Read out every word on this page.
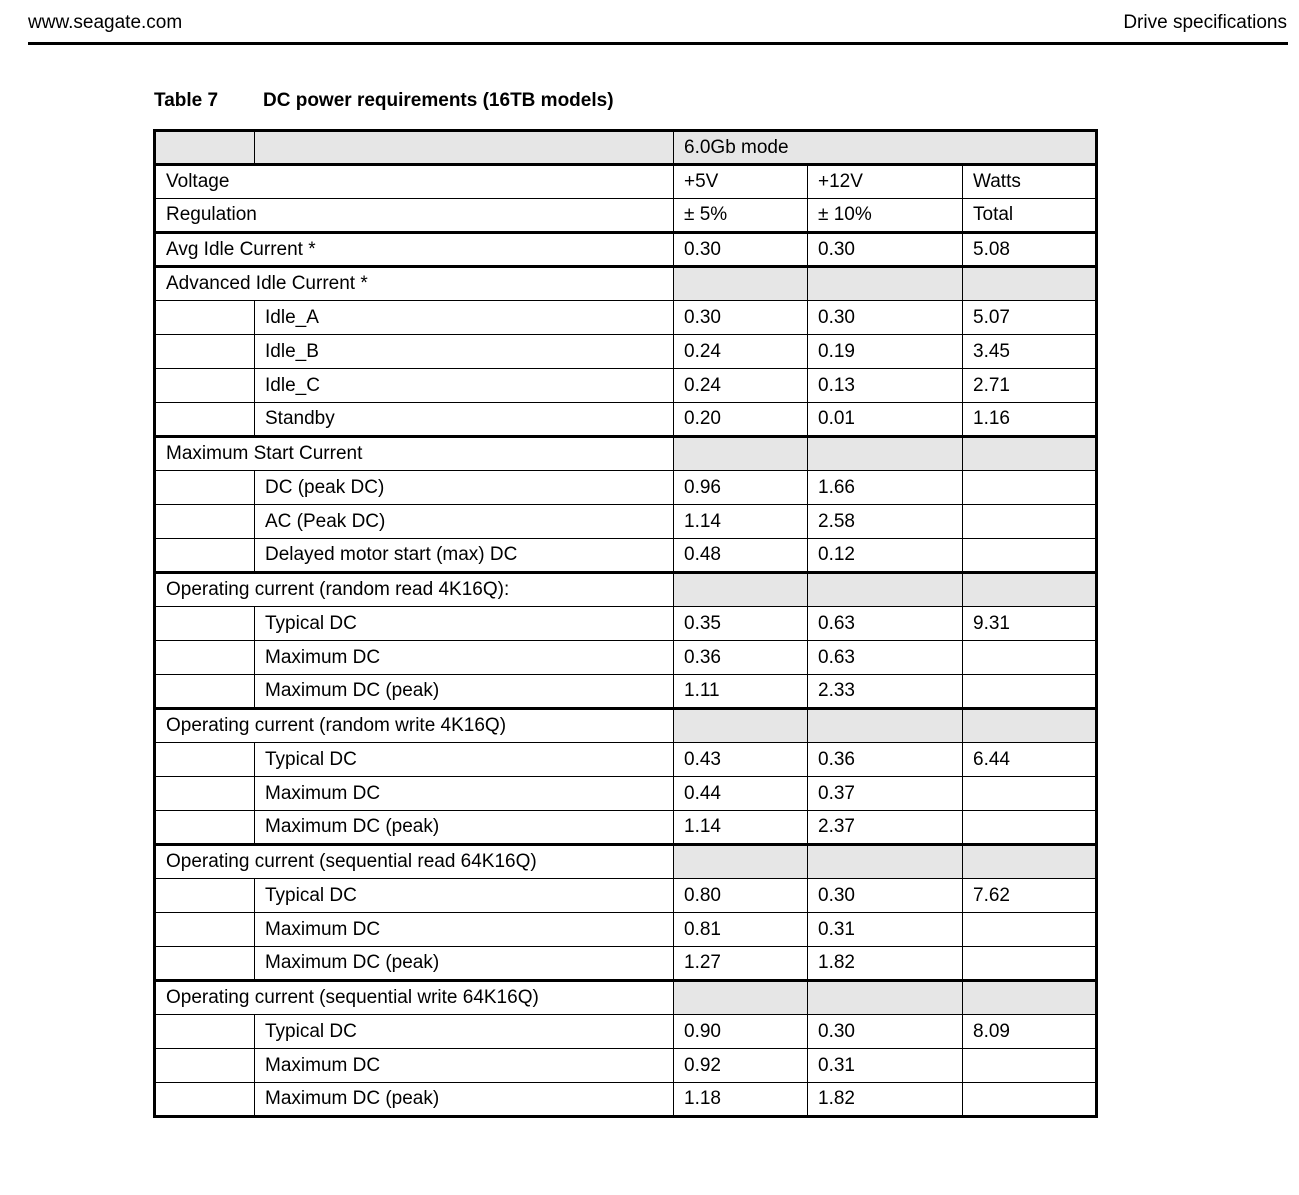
www.seagate.com	Drive specifications
Table 7 DC power requirements (16TB models)
		6.0Gb mode		
Voltage		+5V	+12V	Watts
Regulation		± 5%	± 10%	Total
Avg Idle Current *		0.30	0.30	5.08
Advanced Idle Current *				
	Idle_A	0.30	0.30	5.07
	Idle_B	0.24	0.19	3.45
	Idle_C	0.24	0.13	2.71
	Standby	0.20	0.01	1.16
Maximum Start Current				
	DC (peak DC)	0.96	1.66	
	AC (Peak DC)	1.14	2.58	
	Delayed motor start (max) DC	0.48	0.12	
Operating current (random read 4K16Q):				
	Typical DC	0.35	0.63	9.31
	Maximum DC	0.36	0.63	
	Maximum DC (peak)	1.11	2.33	
Operating current (random write 4K16Q)				
	Typical DC	0.43	0.36	6.44
	Maximum DC	0.44	0.37	
	Maximum DC (peak)	1.14	2.37	
Operating current (sequential read 64K16Q)				
	Typical DC	0.80	0.30	7.62
	Maximum DC	0.81	0.31	
	Maximum DC (peak)	1.27	1.82	
Operating current (sequential write 64K16Q)				
	Typical DC	0.90	0.30	8.09
	Maximum DC	0.92	0.31	
	Maximum DC (peak)	1.18	1.82	
